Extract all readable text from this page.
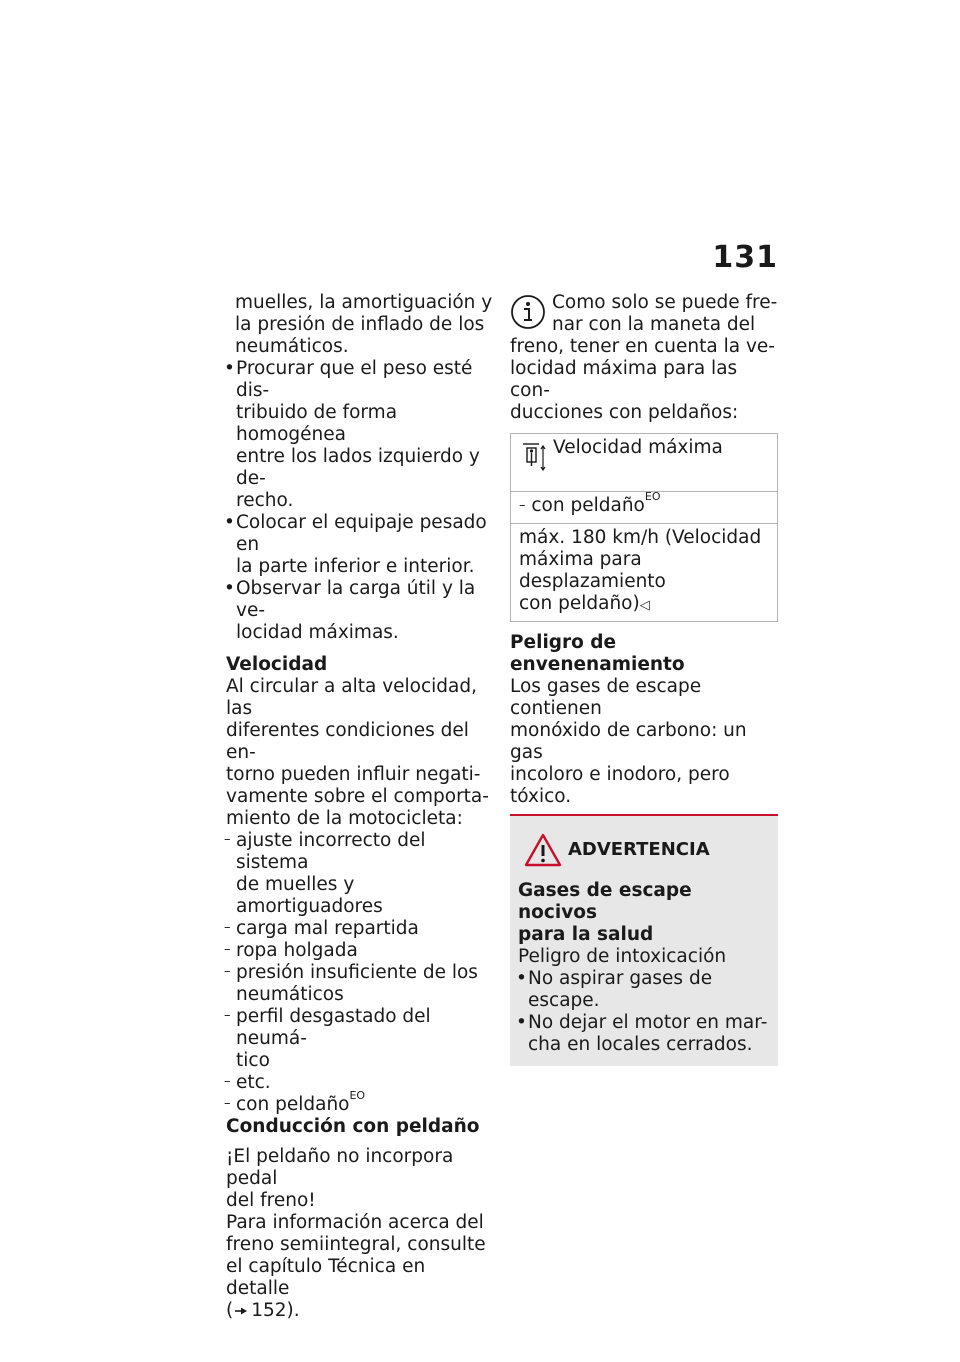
131
muelles, la amortiguación y
la presión de inflado de los
neumáticos.
• Procurar que el peso esté dis-
tribuido de forma homogénea
entre los lados izquierdo y de-
recho.
• Colocar el equipaje pesado en
la parte inferior e interior.
• Observar la carga útil y la ve-
locidad máximas.
Velocidad
Al circular a alta velocidad, las
diferentes condiciones del en-
torno pueden influir negati-
vamente sobre el comporta-
miento de la motocicleta:
– ajuste incorrecto del sistema
de muelles y amortiguadores
– carga mal repartida
– ropa holgada
– presión insuficiente de los
neumáticos
– perfil desgastado del neumá-
tico
– etc.
– con peldaño$^{EO}$
Conducción con peldaño
¡El peldaño no incorpora pedal
del freno!
Para información acerca del
freno semiintegral, consulte
el capítulo Técnica en detalle
( 152).
Como solo se puede fre-
nar con la maneta del
freno, tener en cuenta la ve-
locidad máxima para las con-
ducciones con peldaños:
Velocidad máxima
– con peldaño$^{EO}$

máx. 180 km/h (Velocidad
máxima para desplazamiento
con peldaño)◁
Peligro de envenenamiento
Los gases de escape contienen
monóxido de carbono: un gas
incoloro e inodoro, pero tóxico.
ADVERTENCIA
Gases de escape nocivos
para la salud
Peligro de intoxicación
• No aspirar gases de escape.
• No dejar el motor en mar-
cha en locales cerrados.
